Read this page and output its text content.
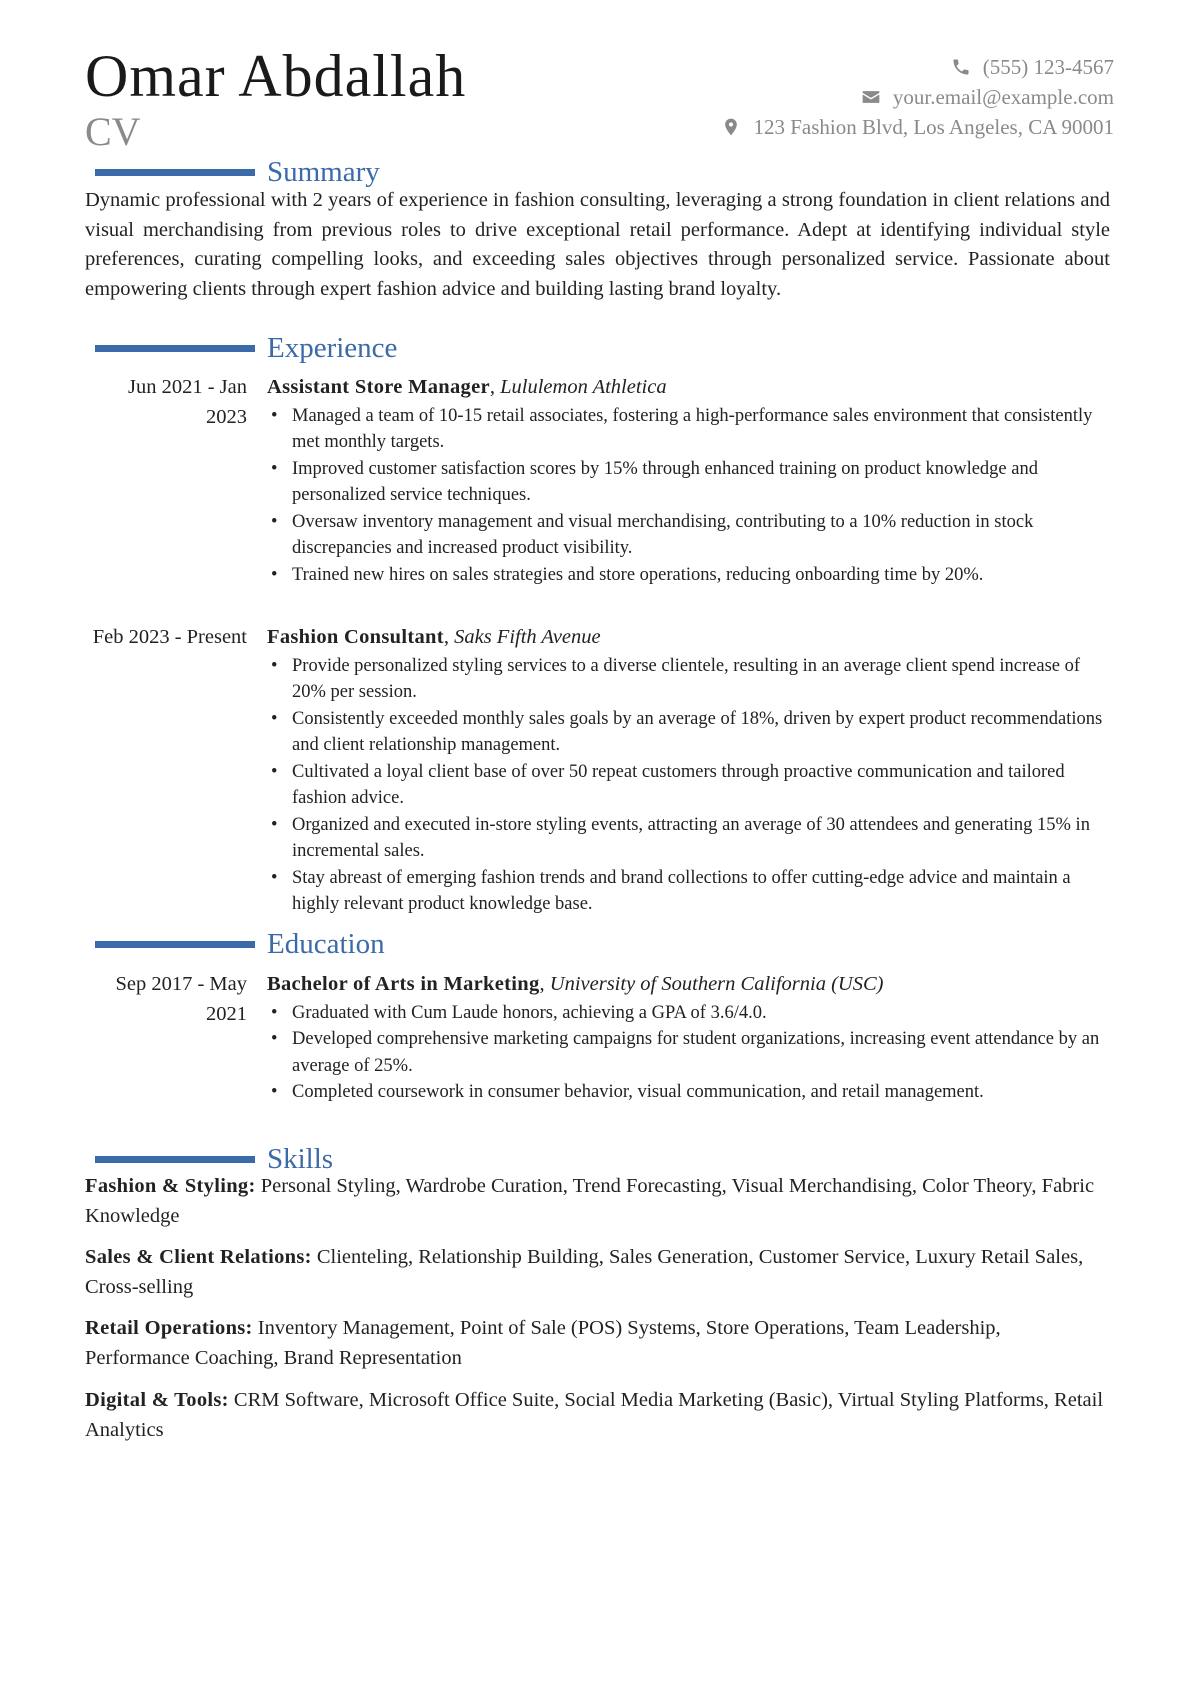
Omar Abdallah
CV
(555) 123-4567
your.email@example.com
123 Fashion Blvd, Los Angeles, CA 90001
Summary
Dynamic professional with 2 years of experience in fashion consulting, leveraging a strong foundation in client relations and visual merchandising from previous roles to drive exceptional retail performance. Adept at identifying individual style preferences, curating compelling looks, and exceeding sales objectives through personalized service. Passionate about empowering clients through expert fashion advice and building lasting brand loyalty.
Experience
Jun 2021 - Jan 2023
Assistant Store Manager, Lululemon Athletica
• Managed a team of 10-15 retail associates, fostering a high-performance sales environment that consistently met monthly targets.
• Improved customer satisfaction scores by 15% through enhanced training on product knowledge and personalized service techniques.
• Oversaw inventory management and visual merchandising, contributing to a 10% reduction in stock discrepancies and increased product visibility.
• Trained new hires on sales strategies and store operations, reducing onboarding time by 20%.
Feb 2023 - Present Fashion Consultant, Saks Fifth Avenue
• Provide personalized styling services to a diverse clientele, resulting in an average client spend increase of 20% per session.
• Consistently exceeded monthly sales goals by an average of 18%, driven by expert product recommendations and client relationship management.
• Cultivated a loyal client base of over 50 repeat customers through proactive communication and tailored fashion advice.
• Organized and executed in-store styling events, attracting an average of 30 attendees and generating 15% in incremental sales.
• Stay abreast of emerging fashion trends and brand collections to offer cutting-edge advice and maintain a highly relevant product knowledge base.
Education
Sep 2017 - May 2021
Bachelor of Arts in Marketing, University of Southern California (USC)
• Graduated with Cum Laude honors, achieving a GPA of 3.6/4.0.
• Developed comprehensive marketing campaigns for student organizations, increasing event attendance by an average of 25%.
• Completed coursework in consumer behavior, visual communication, and retail management.
Skills
Fashion & Styling: Personal Styling, Wardrobe Curation, Trend Forecasting, Visual Merchandising, Color Theory, Fabric Knowledge
Sales & Client Relations: Clienteling, Relationship Building, Sales Generation, Customer Service, Luxury Retail Sales, Cross-selling
Retail Operations: Inventory Management, Point of Sale (POS) Systems, Store Operations, Team Leadership, Performance Coaching, Brand Representation
Digital & Tools: CRM Software, Microsoft Office Suite, Social Media Marketing (Basic), Virtual Styling Platforms, Retail Analytics
